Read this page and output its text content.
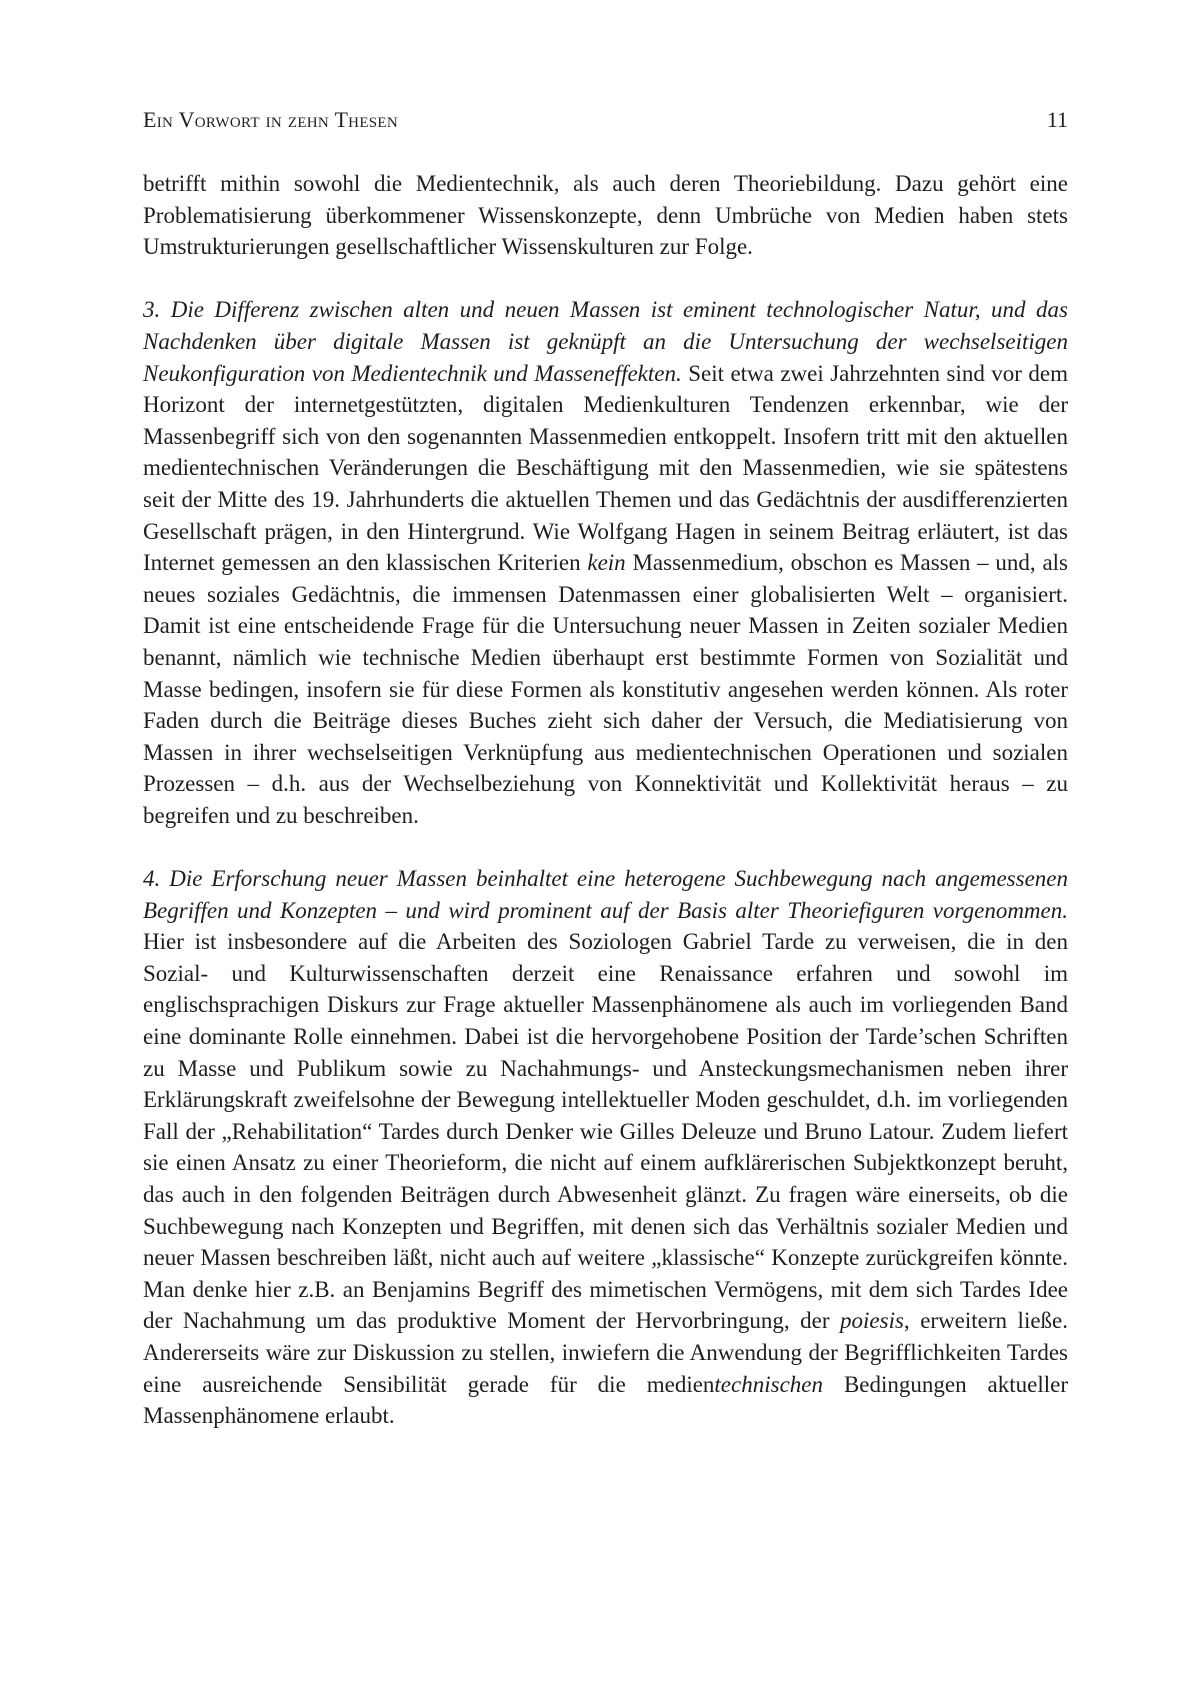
Ein Vorwort in zehn Thesen	11

betrifft mithin sowohl die Medientechnik, als auch deren Theoriebildung. Dazu gehört eine Problematisierung überkommener Wissenskonzepte, denn Umbrüche von Medien haben stets Umstrukturierungen gesellschaftlicher Wissenskulturen zur Folge.

3. Die Differenz zwischen alten und neuen Massen ist eminent technologischer Natur, und das Nachdenken über digitale Massen ist geknüpft an die Untersuchung der wechselseitigen Neukonfiguration von Medientechnik und Masseneffekten. Seit etwa zwei Jahrzehnten sind vor dem Horizont der internetgestützten, digitalen Medienkulturen Tendenzen erkennbar, wie der Massenbegriff sich von den sogenannten Massenmedien entkoppelt. Insofern tritt mit den aktuellen medientechnischen Veränderungen die Beschäftigung mit den Massenmedien, wie sie spätestens seit der Mitte des 19. Jahrhunderts die aktuellen Themen und das Gedächtnis der ausdifferenzierten Gesellschaft prägen, in den Hintergrund. Wie Wolfgang Hagen in seinem Beitrag erläutert, ist das Internet gemessen an den klassischen Kriterien kein Massenmedium, obschon es Massen – und, als neues soziales Gedächtnis, die immensen Datenmassen einer globalisierten Welt – organisiert. Damit ist eine entscheidende Frage für die Untersuchung neuer Massen in Zeiten sozialer Medien benannt, nämlich wie technische Medien überhaupt erst bestimmte Formen von Sozialität und Masse bedingen, insofern sie für diese Formen als konstitutiv angesehen werden können. Als roter Faden durch die Beiträge dieses Buches zieht sich daher der Versuch, die Mediatisierung von Massen in ihrer wechselseitigen Verknüpfung aus medientechnischen Operationen und sozialen Prozessen – d.h. aus der Wechselbeziehung von Konnektivität und Kollektivität heraus – zu begreifen und zu beschreiben.

4. Die Erforschung neuer Massen beinhaltet eine heterogene Suchbewegung nach angemessenen Begriffen und Konzepten – und wird prominent auf der Basis alter Theoriefiguren vorgenommen. Hier ist insbesondere auf die Arbeiten des Soziologen Gabriel Tarde zu verweisen, die in den Sozial- und Kulturwissenschaften derzeit eine Renaissance erfahren und sowohl im englischsprachigen Diskurs zur Frage aktueller Massenphänomene als auch im vorliegenden Band eine dominante Rolle einnehmen. Dabei ist die hervorgehobene Position der Tarde’schen Schriften zu Masse und Publikum sowie zu Nachahmungs- und Ansteckungsmechanismen neben ihrer Erklärungskraft zweifelsohne der Bewegung intellektueller Moden geschuldet, d.h. im vorliegenden Fall der „Rehabilitation“ Tardes durch Denker wie Gilles Deleuze und Bruno Latour. Zudem liefert sie einen Ansatz zu einer Theorieform, die nicht auf einem aufklärerischen Subjektkonzept beruht, das auch in den folgenden Beiträgen durch Abwesenheit glänzt. Zu fragen wäre einerseits, ob die Suchbewegung nach Konzepten und Begriffen, mit denen sich das Verhältnis sozialer Medien und neuer Massen beschreiben läßt, nicht auch auf weitere „klassische“ Konzepte zurückgreifen könnte. Man denke hier z.B. an Benjamins Begriff des mimetischen Vermögens, mit dem sich Tardes Idee der Nachahmung um das produktive Moment der Hervorbringung, der poiesis, erweitern ließe. Andererseits wäre zur Diskussion zu stellen, inwiefern die Anwendung der Begrifflichkeiten Tardes eine ausreichende Sensibilität gerade für die medientechnischen Bedingungen aktueller Massenphänomene erlaubt.
